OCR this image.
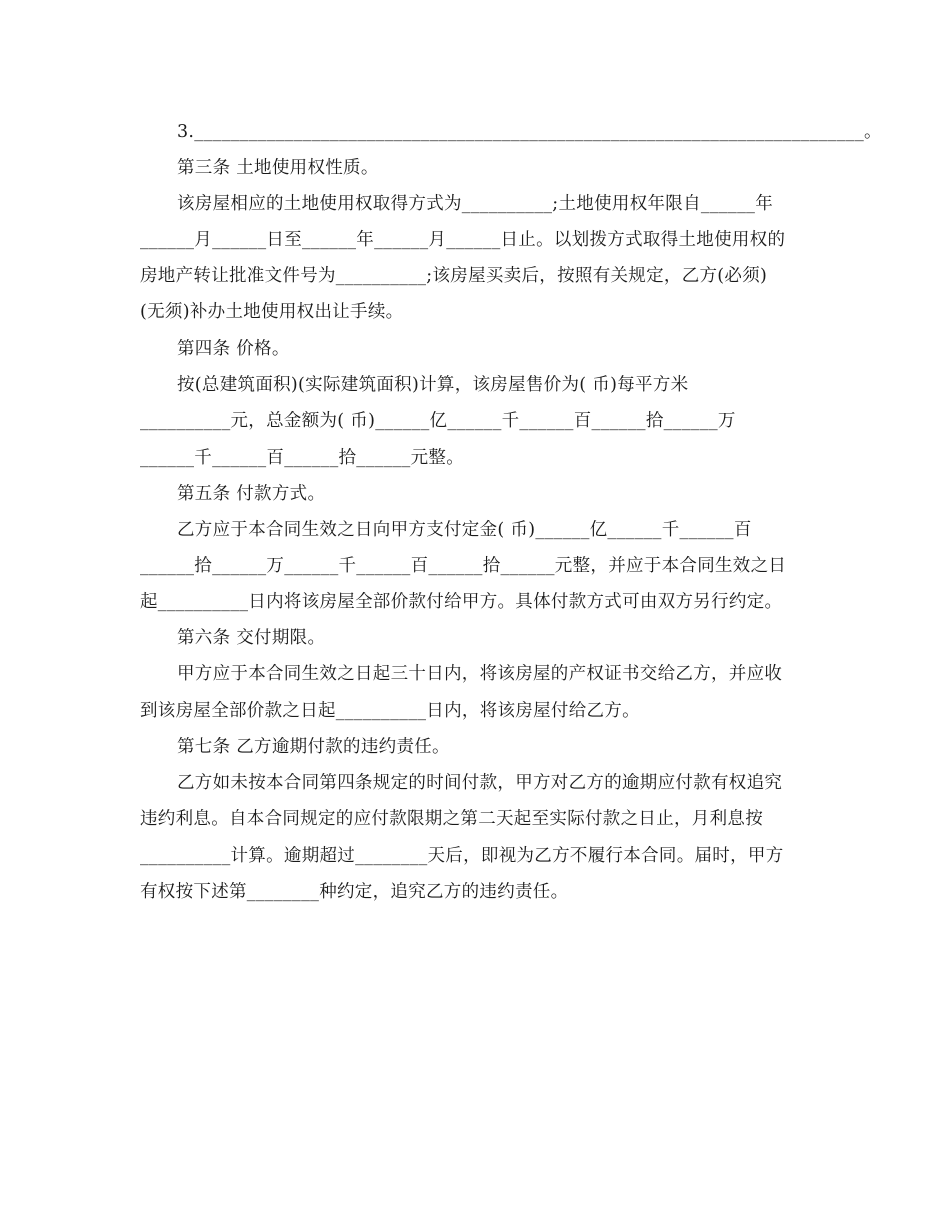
3.__________________________________________________________________________。
第三条 土地使用权性质。
该房屋相应的土地使用权取得方式为__________;土地使用权年限自______年
______月______日至______年______月______日止。以划拨方式取得土地使用权的
房地产转让批准文件号为__________;该房屋买卖后，按照有关规定，乙方(必须)
(无须)补办土地使用权出让手续。
第四条 价格。
按(总建筑面积)(实际建筑面积)计算，该房屋售价为( 币)每平方米
__________元，总金额为( 币)______亿______千______百______拾______万
______千______百______拾______元整。
第五条 付款方式。
乙方应于本合同生效之日向甲方支付定金( 币)______亿______千______百
______拾______万______千______百______拾______元整，并应于本合同生效之日
起__________日内将该房屋全部价款付给甲方。具体付款方式可由双方另行约定。
第六条 交付期限。
甲方应于本合同生效之日起三十日内，将该房屋的产权证书交给乙方，并应收
到该房屋全部价款之日起__________日内，将该房屋付给乙方。
第七条 乙方逾期付款的违约责任。
乙方如未按本合同第四条规定的时间付款，甲方对乙方的逾期应付款有权追究
违约利息。自本合同规定的应付款限期之第二天起至实际付款之日止，月利息按
__________计算。逾期超过________天后，即视为乙方不履行本合同。届时，甲方
有权按下述第________种约定，追究乙方的违约责任。
